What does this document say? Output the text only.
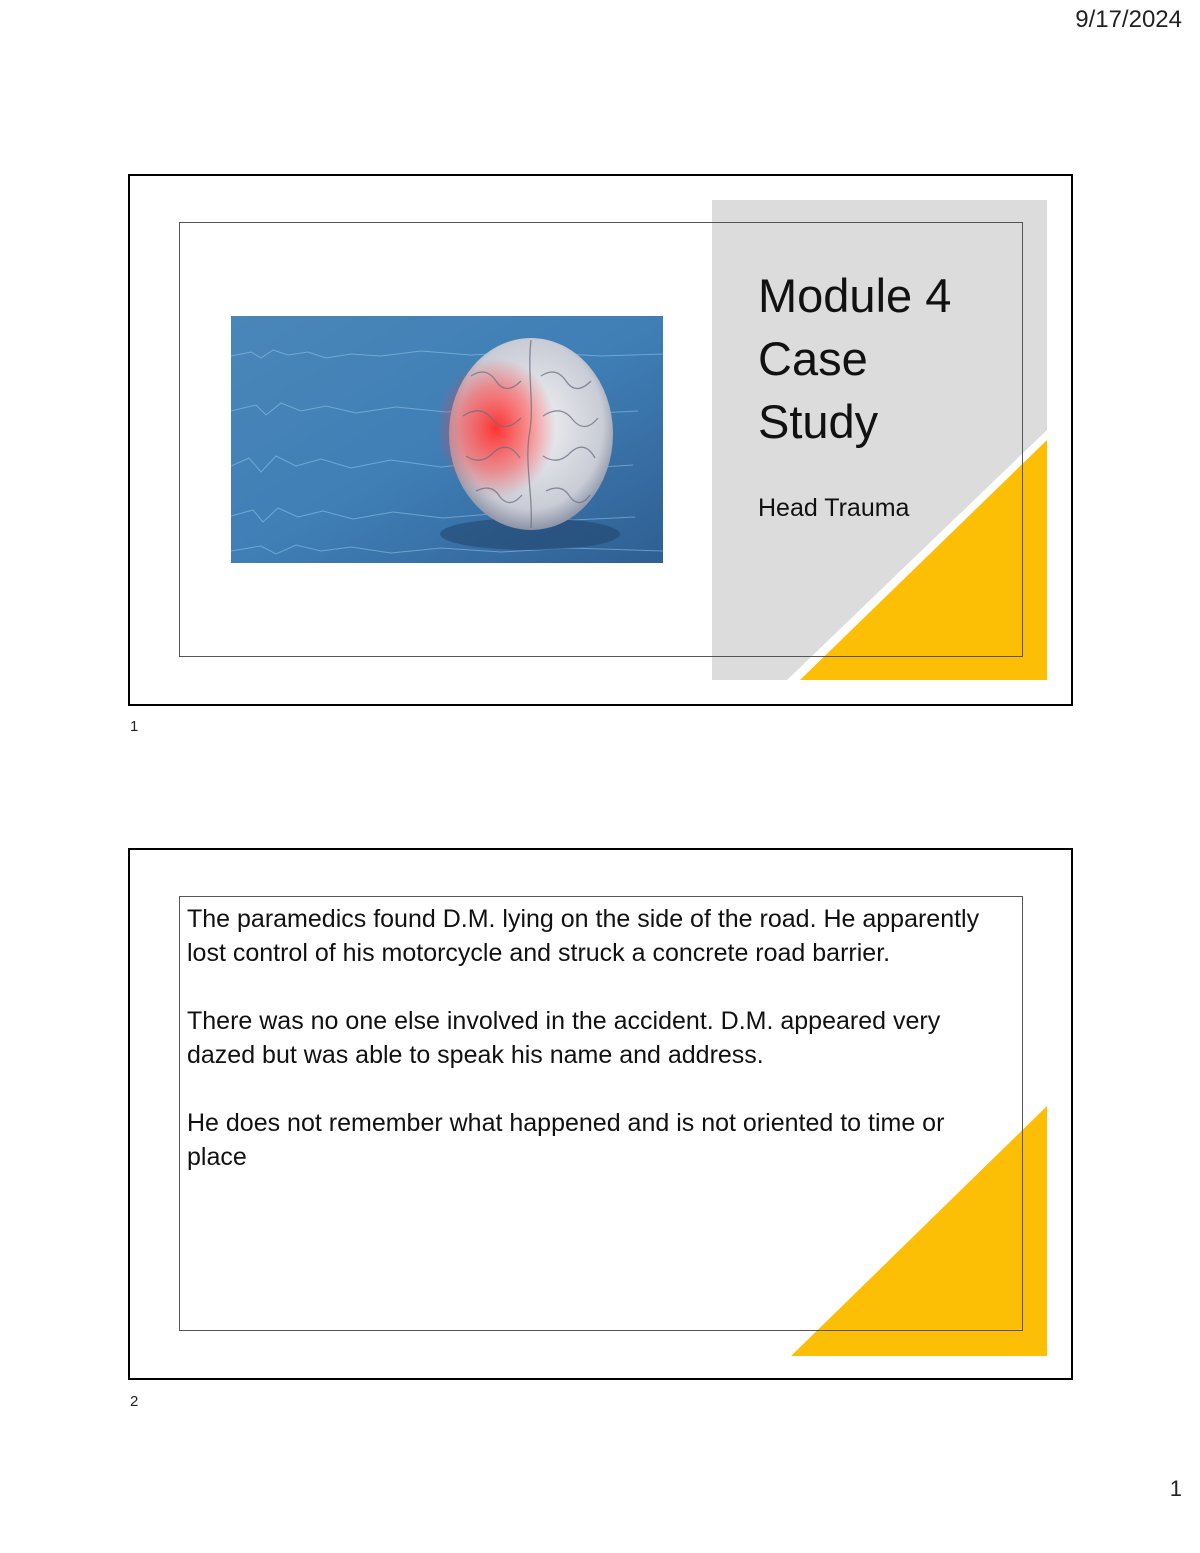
9/17/2024
Module 4
Case
Study
Head Trauma
1

The paramedics found D.M. lying on the side of the road. He apparently lost control of his motorcycle and struck a concrete road barrier.

There was no one else involved in the accident. D.M. appeared very dazed but was able to speak his name and address.

He does not remember what happened and is not oriented to time or place

2
1
